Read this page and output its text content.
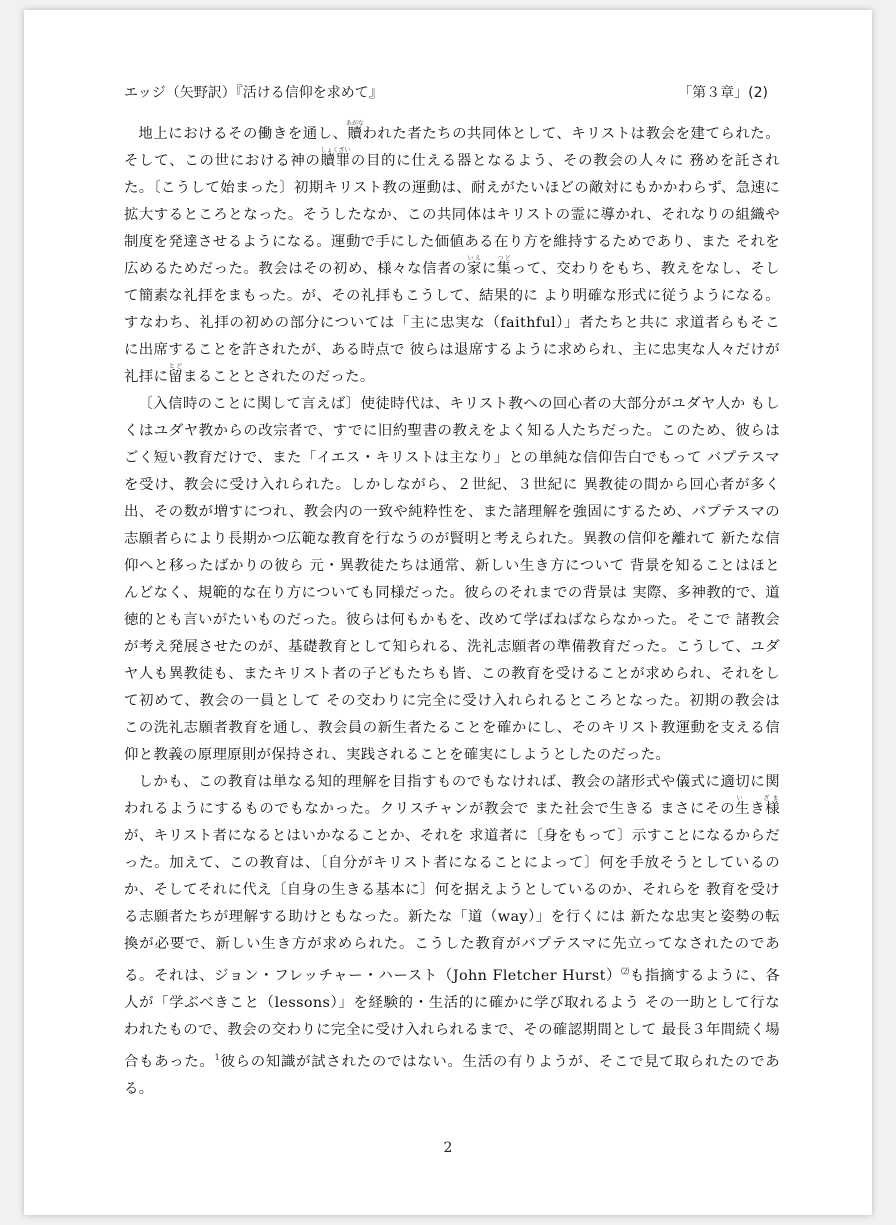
エッジ（矢野訳）『活ける信仰を求めて』	「第３章」(2)

地上におけるその働きを通し、贖あがなわれた者たちの共同体として、キリストは教会を建てられた。そして、この世における神の贖罪しょくざいの目的に仕える器となるよう、その教会の人々に 務めを託された。〔こうして始まった〕初期キリスト教の運動は、耐えがたいほどの敵対にもかかわらず、急速に拡大するところとなった。そうしたなか、この共同体はキリストの霊に導かれ、それなりの組織や制度を発達させるようになる。運動で手にした価値ある在り方を維持するためであり、また それを広めるためだった。教会はその初め、様々な信者の家いえに集つどって、交わりをもち、教えをなし、そして簡素な礼拝をまもった。が、その礼拝もこうして、結果的に より明確な形式に従うようになる。すなわち、礼拝の初めの部分については「主に忠実な（faithful）」者たちと共に 求道者らもそこに出席することを許されたが、ある時点で 彼らは退席するように求められ、主に忠実な人々だけが礼拝に留とどまることとされたのだった。

〔入信時のことに関して言えば〕使徒時代は、キリスト教への回心者の大部分がユダヤ人か もしくはユダヤ教からの改宗者で、すでに旧約聖書の教えをよく知る人たちだった。このため、彼らはごく短い教育だけで、また「イエス・キリストは主なり」との単純な信仰告白でもって バプテスマを受け、教会に受け入れられた。しかしながら、２世紀、３世紀に 異教徒の間から回心者が多く出、その数が増すにつれ、教会内の一致や純粋性を、また諸理解を強固にするため、バプテスマの志願者らにより長期かつ広範な教育を行なうのが賢明と考えられた。異教の信仰を離れて 新たな信仰へと移ったばかりの彼ら 元・異教徒たちは通常、新しい生き方について 背景を知ることはほとんどなく、規範的な在り方についても同様だった。彼らのそれまでの背景は 実際、多神教的で、道徳的とも言いがたいものだった。彼らは何もかもを、改めて学ばねばならなかった。そこで 諸教会が考え発展させたのが、基礎教育として知られる、洗礼志願者の準備教育だった。こうして、ユダヤ人も異教徒も、またキリスト者の子どもたちも皆、この教育を受けることが求められ、それをして初めて、教会の一員として その交わりに完全に受け入れられるところとなった。初期の教会は この洗礼志願者教育を通し、教会員の新生者たることを確かにし、そのキリスト教運動を支える信仰と教義の原理原則が保持され、実践されることを確実にしようとしたのだった。

しかも、この教育は単なる知的理解を目指すものでもなければ、教会の諸形式や儀式に適切に関われるようにするものでもなかった。クリスチャンが教会で また社会で生きる まさにその生き様い　　ざまが、キリスト者になるとはいかなることか、それを 求道者に〔身をもって〕示すことになるからだった。加えて、この教育は、〔自分がキリスト者になることによって〕何を手放そうとしているのか、そしてそれに代え〔自身の生きる基本に〕何を据えようとしているのか、それらを 教育を受ける志願者たちが理解する助けともなった。新たな「道（way）」を行くには 新たな忠実と姿勢の転換が必要で、新しい生き方が求められた。こうした教育がバプテスマに先立ってなされたのである。それは、ジョン・フレッチャー・ハースト（John Fletcher Hurst）⑵も指摘するように、各人が「学ぶべきこと（lessons）」を経験的・生活的に確かに学び取れるよう その一助として行なわれたもので、教会の交わりに完全に受け入れられるまで、その確認期間として 最長３年間続く場合もあった。$^1$彼らの知識が試されたのではない。生活の有りようが、そこで見て取られたのである。

2
